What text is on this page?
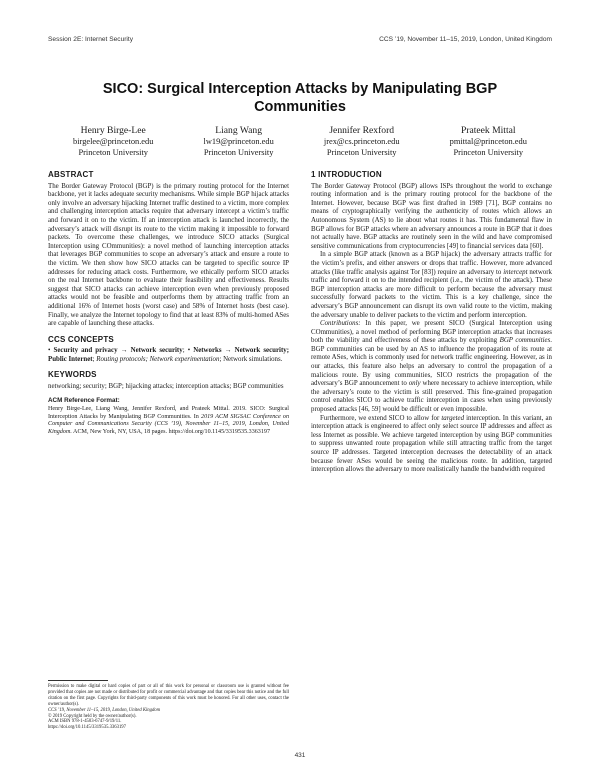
Session 2E: Internet Security	CCS ’19, November 11–15, 2019, London, United Kingdom
SICO: Surgical Interception Attacks by Manipulating BGP Communities
Henry Birge-Lee
birgelee@princeton.edu
Princeton University
Liang Wang
lw19@princeton.edu
Princeton University
Jennifer Rexford
jrex@cs.princeton.edu
Princeton University
Prateek Mittal
pmittal@princeton.edu
Princeton University
ABSTRACT

The Border Gateway Protocol (BGP) is the primary routing protocol for the Internet backbone, yet it lacks adequate security mechanisms. While simple BGP hijack attacks only involve an adversary hijacking Internet traffic destined to a victim, more complex and challenging interception attacks require that adversary intercept a victim’s traffic and forward it on to the victim. If an interception attack is launched incorrectly, the adversary’s attack will disrupt its route to the victim making it impossible to forward packets. To overcome these challenges, we introduce SICO attacks (Surgical Interception using COmmunities): a novel method of launching interception attacks that leverages BGP communities to scope an adversary’s attack and ensure a route to the victim. We then show how SICO attacks can be targeted to specific source IP addresses for reducing attack costs. Furthermore, we ethically perform SICO attacks on the real Internet backbone to evaluate their feasibility and effectiveness. Results suggest that SICO attacks can achieve interception even when previously proposed attacks would not be feasible and outperforms them by attracting traffic from an additional 16% of Internet hosts (worst case) and 58% of Internet hosts (best case). Finally, we analyze the Internet topology to find that at least 83% of multi-homed ASes are capable of launching these attacks.

CCS CONCEPTS

• Security and privacy → Network security; • Networks → Network security; Public Internet; Routing protocols; Network experimentation; Network simulations.

KEYWORDS

networking; security; BGP; hijacking attacks; interception attacks; BGP communities

ACM Reference Format:

Henry Birge-Lee, Liang Wang, Jennifer Rexford, and Prateek Mittal. 2019. SICO: Surgical Interception Attacks by Manipulating BGP Communities. In 2019 ACM SIGSAC Conference on Computer and Communications Security (CCS ’19), November 11–15, 2019, London, United Kingdom. ACM, New York, NY, USA, 18 pages. https://doi.org/10.1145/3319535.3363197

Permission to make digital or hard copies of part or all of this work for personal or classroom use is granted without fee provided that copies are not made or distributed for profit or commercial advantage and that copies bear this notice and the full citation on the first page. Copyrights for third-party components of this work must be honored. For all other uses, contact the owner/author(s).
CCS ’19, November 11–15, 2019, London, United Kingdom
© 2019 Copyright held by the owner/author(s).
ACM ISBN 978-1-4503-6747-9/19/11.
https://doi.org/10.1145/3319535.3363197
1 INTRODUCTION

The Border Gateway Protocol (BGP) allows ISPs throughout the world to exchange routing information and is the primary routing protocol for the backbone of the Internet. However, because BGP was first drafted in 1989 [71], BGP contains no means of cryptographically verifying the authenticity of routes which allows an Autonomous System (AS) to lie about what routes it has. This fundamental flaw in BGP allows for BGP attacks where an adversary announces a route in BGP that it does not actually have. BGP attacks are routinely seen in the wild and have compromised sensitive communications from cryptocurrencies [49] to financial services data [60].

In a simple BGP attack (known as a BGP hijack) the adversary attracts traffic for the victim’s prefix, and either answers or drops that traffic. However, more advanced attacks (like traffic analysis against Tor [83]) require an adversary to intercept network traffic and forward it on to the intended recipient (i.e., the victim of the attack). These BGP interception attacks are more difficult to perform because the adversary must successfully forward packets to the victim. This is a key challenge, since the adversary’s BGP announcement can disrupt its own valid route to the victim, making the adversary unable to deliver packets to the victim and perform interception.

Contributions: In this paper, we present SICO (Surgical Interception using COmmunities), a novel method of performing BGP interception attacks that increases both the viability and effectiveness of these attacks by exploiting BGP communities. BGP communities can be used by an AS to influence the propagation of its route at remote ASes, which is commonly used for network traffic engineering. However, as in our attacks, this feature also helps an adversary to control the propagation of a malicious route. By using communities, SICO restricts the propagation of the adversary’s BGP announcement to only where necessary to achieve interception, while the adversary’s route to the victim is still preserved. This fine-grained propagation control enables SICO to achieve traffic interception in cases when using previously proposed attacks [46, 59] would be difficult or even impossible.

Furthermore, we extend SICO to allow for targeted interception. In this variant, an interception attack is engineered to affect only select source IP addresses and affect as less Internet as possible. We achieve targeted interception by using BGP communities to suppress unwanted route propagation while still attracting traffic from the target source IP addresses. Targeted interception decreases the detectability of an attack because fewer ASes would be seeing the malicious route. In addition, targeted interception allows the adversary to more realistically handle the bandwidth required

431
